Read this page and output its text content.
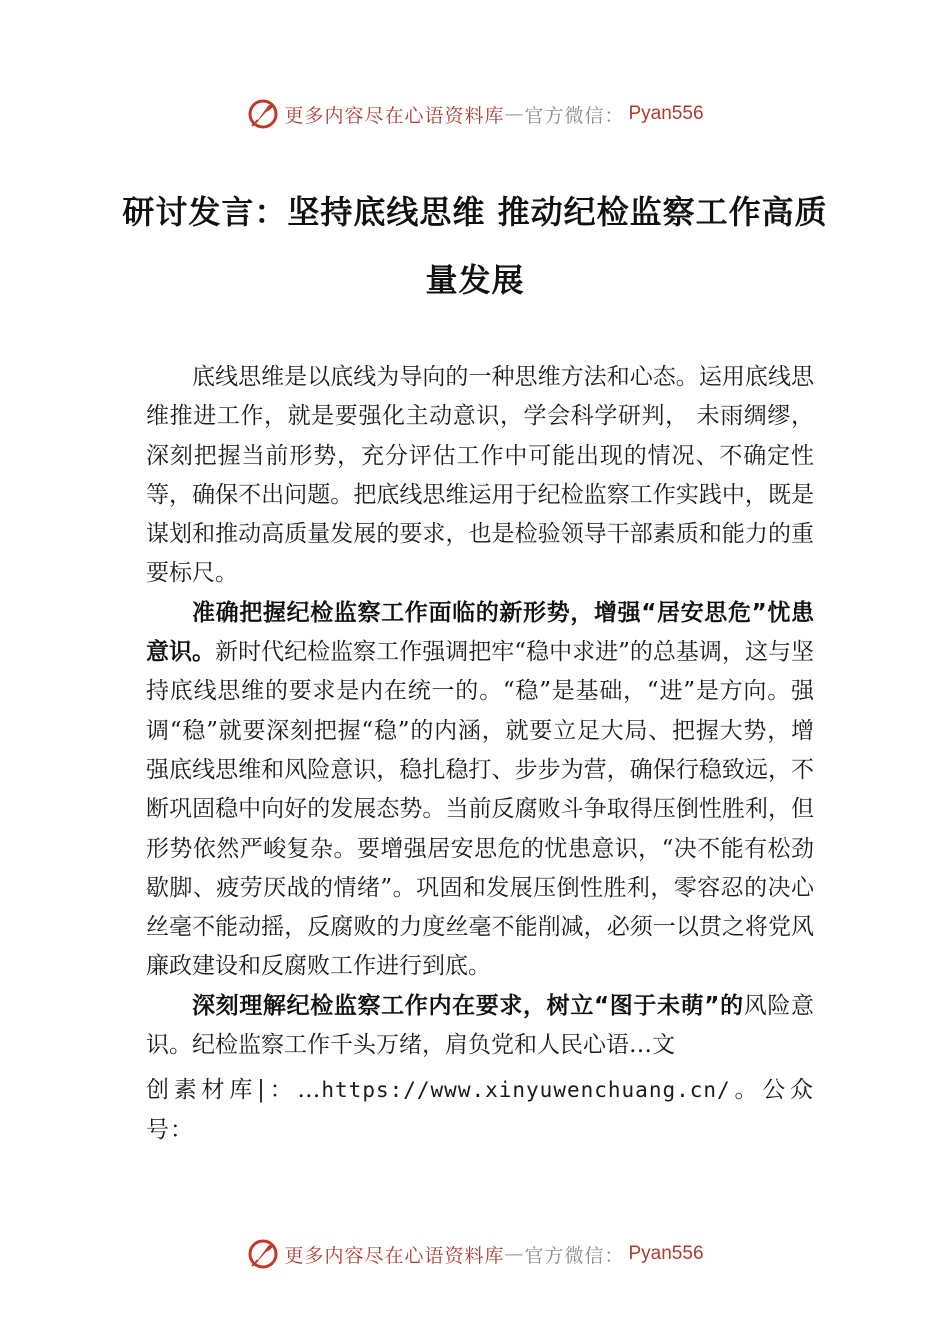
更多内容尽在心语资料库 — 官方微信： Pyan556
研讨发言：坚持底线思维 推动纪检监察工作高质量发展

底线思维是以底线为导向的一种思维方法和心态。运用底线思维推进工作，就是要强化主动意识，学会科学研判， 未雨绸缪，深刻把握当前形势，充分评估工作中可能出现的情况、不确定性等，确保不出问题。把底线思维运用于纪检监察工作实践中，既是谋划和推动高质量发展的要求，也是检验领导干部素质和能力的重要标尺。

准确把握纪检监察工作面临的新形势，增强“居安思危”忧患意识。新时代纪检监察工作强调把牢“稳中求进”的总基调，这与坚持底线思维的要求是内在统一的。“稳”是基础，“进”是方向。强调“稳”就要深刻把握“稳”的内涵，就要立足大局、把握大势，增强底线思维和风险意识，稳扎稳打、步步为营，确保行稳致远，不断巩固稳中向好的发展态势。当前反腐败斗争取得压倒性胜利，但形势依然严峻复杂。要增强居安思危的忧患意识，“决不能有松劲歇脚、疲劳厌战的情绪”。巩固和发展压倒性胜利，零容忍的决心丝毫不能动摇，反腐败的力度丝毫不能削减，必须一以贯之将党风廉政建设和反腐败工作进行到底。

深刻理解纪检监察工作内在要求，树立“图于未萌”的风险意识。纪检监察工作千头万绪，肩负党和人民心语…文

创素材库|：…https://www.xinyuwenchuang.cn/。公众号：

更多内容尽在心语资料库 — 官方微信： Pyan556
